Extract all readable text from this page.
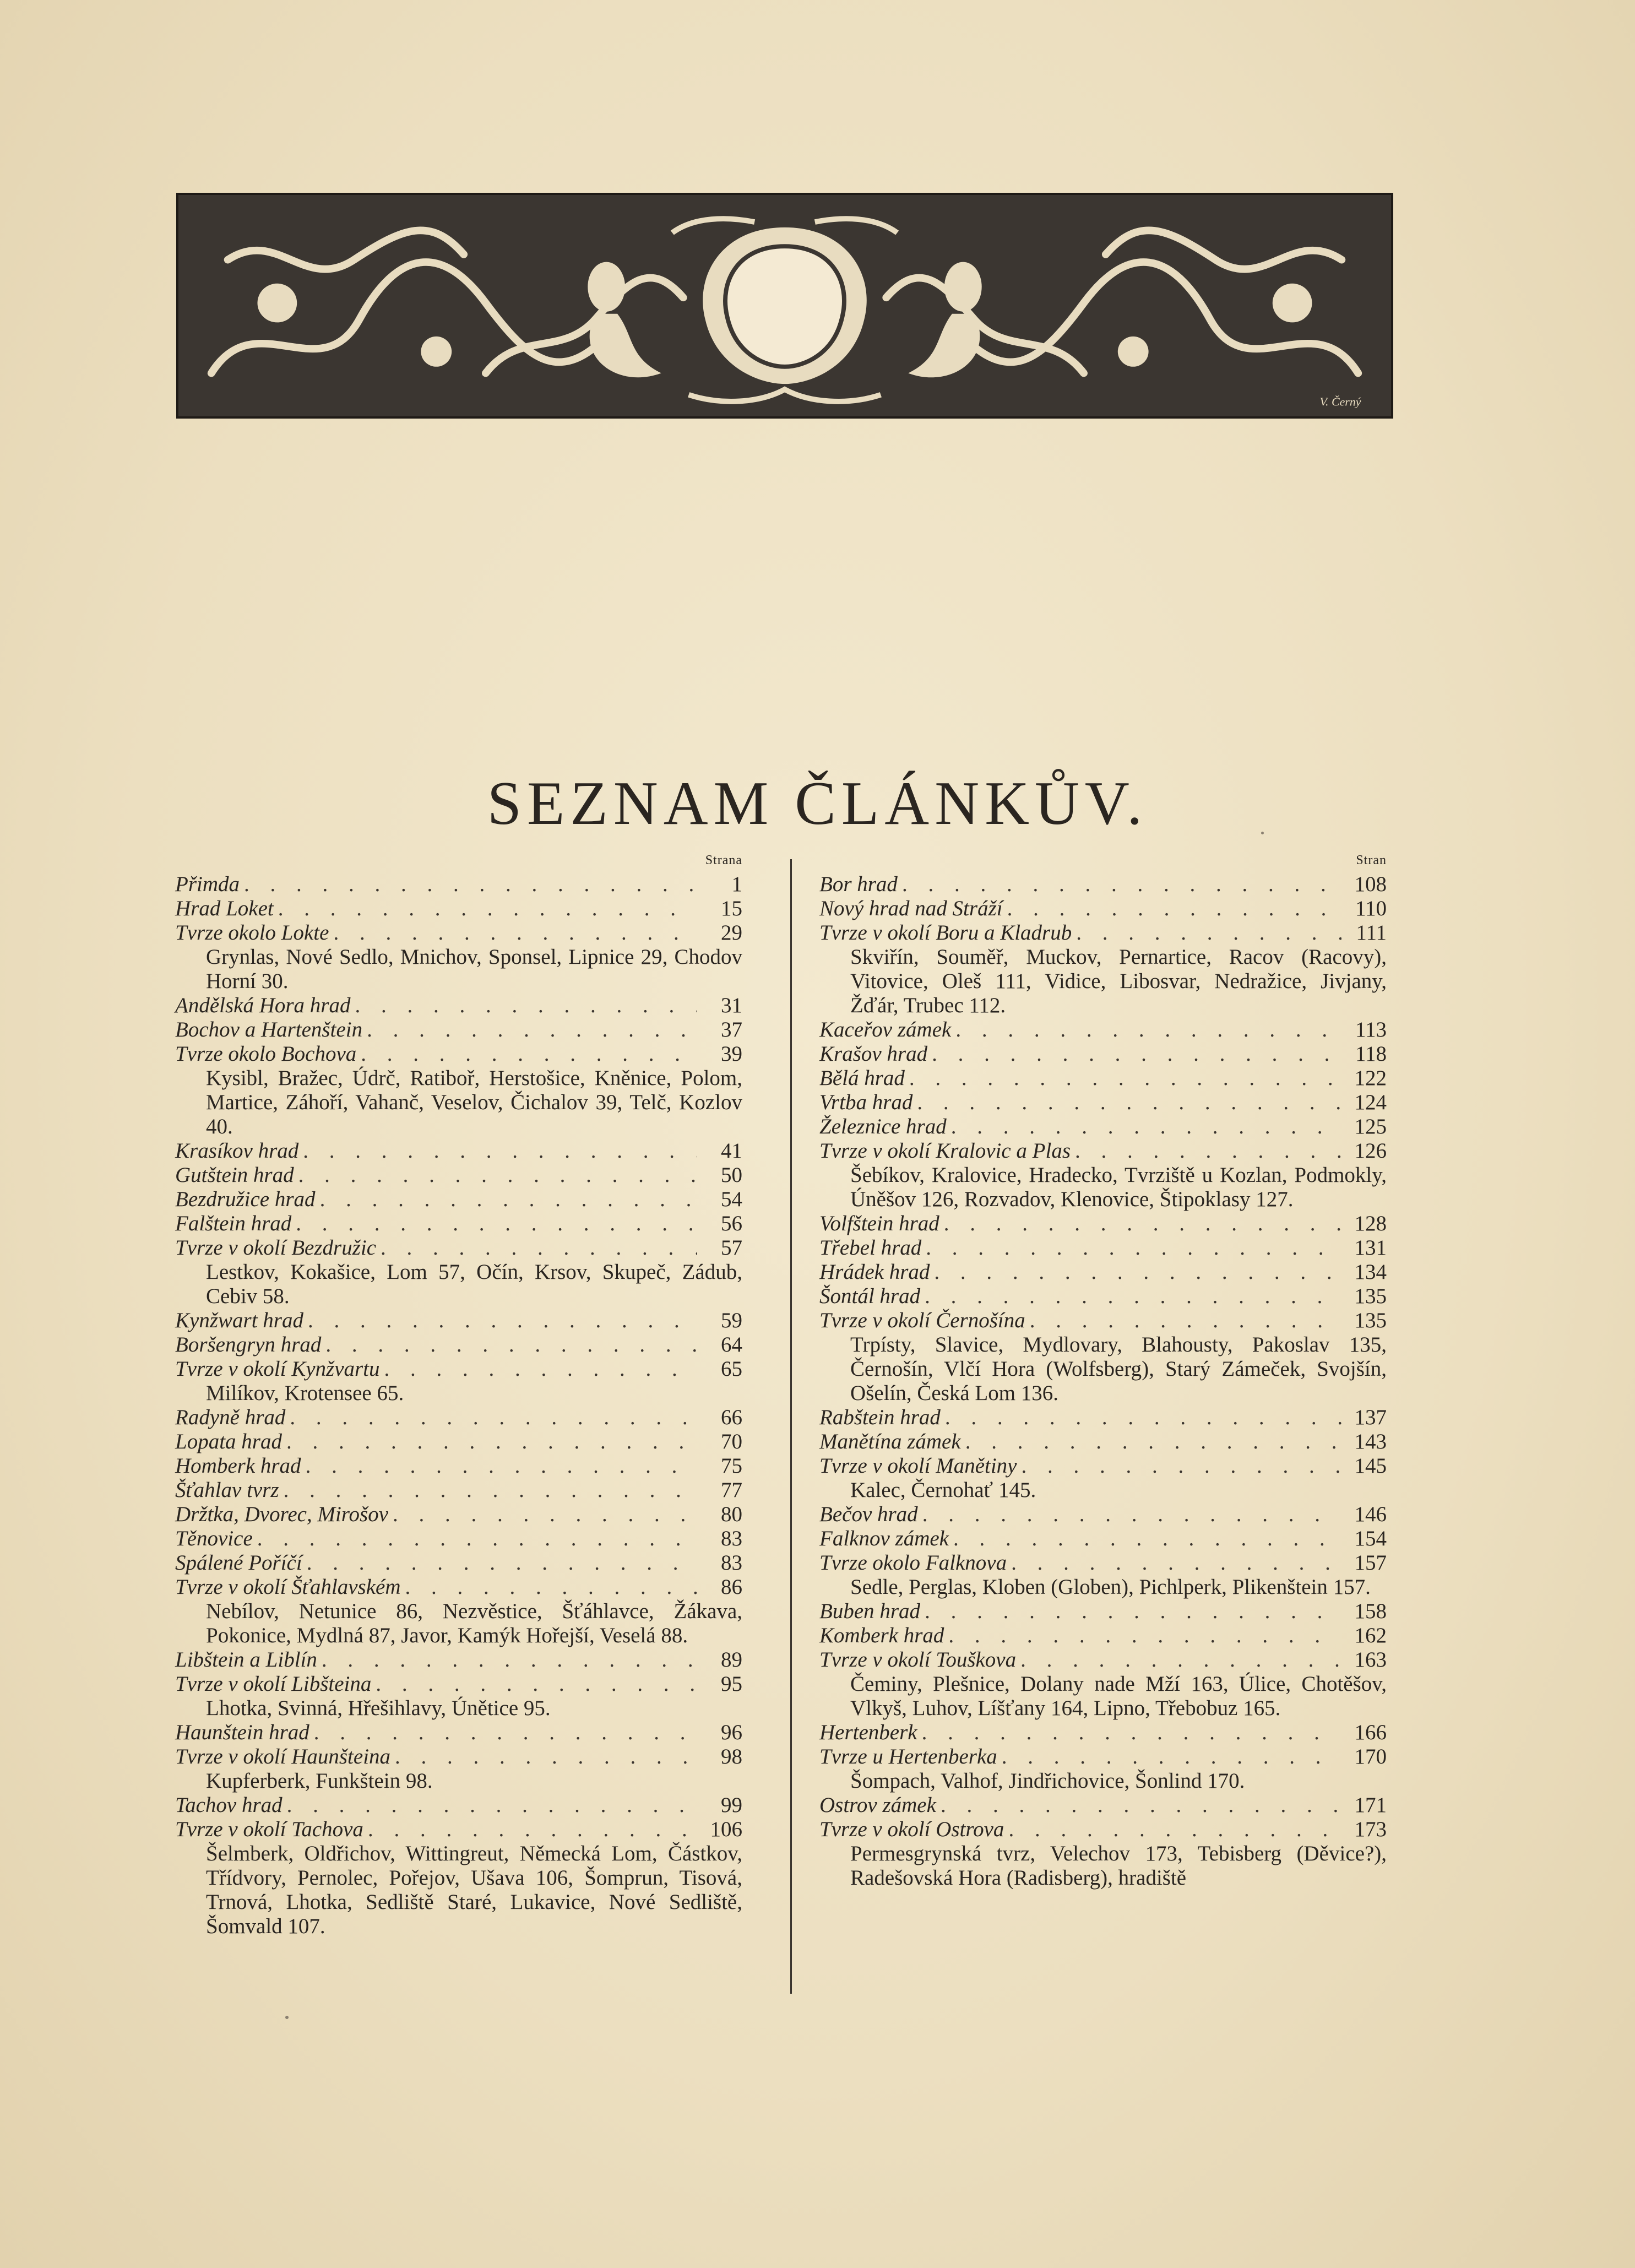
V. Černý
SEZNAM ČLÁNKŮV.
Strana
Přimda . . .	1
Hrad Loket . . .	15
Tvrze okolo Lokte . . .	29
Grynlas, Nové Sedlo, Mnichov, Sponsel, Lipnice 29, Chodov Horní 30.
Andělská Hora hrad . . .	31
Bochov a Hartenštein . . .	37
Tvrze okolo Bochova . . .	39
Kysibl, Bražec, Údrč, Ratiboř, Herstošice, Kněnice, Polom, Martice, Záhoří, Vahanč, Veselov, Čichalov 39, Telč, Kozlov 40.
Krasíkov hrad . . .	41
Gutštein hrad . . .	50
Bezdružice hrad . . .	54
Falštein hrad . . .	56
Tvrze v okolí Bezdružic . . .	57
Lestkov, Kokašice, Lom 57, Očín, Krsov, Skupeč, Zádub, Cebiv 58.
Kynžwart hrad . . .	59
Boršengryn hrad . . .	64
Tvrze v okolí Kynžvartu . . .	65
Milíkov, Krotensee 65.
Radyně hrad . . .	66
Lopata hrad . . .	70
Homberk hrad . . .	75
Šťahlav tvrz . . .	77
Držtka, Dvorec, Mirošov . . .	80
Těnovice . . .	83
Spálené Poříčí . . .	83
Tvrze v okolí Šťahlavském . . .	86
Nebílov, Netunice 86, Nezvěstice, Šťáhlavce, Žákava, Pokonice, Mydlná 87, Javor, Kamýk Hořejší, Veselá 88.
Libštein a Liblín . . .	89
Tvrze v okolí Libšteina . . .	95
Lhotka, Svinná, Hřešihlavy, Únětice 95.
Haunštein hrad . . .	96
Tvrze v okolí Haunšteina . . .	98
Kupferberk, Funkštein 98.
Tachov hrad . . .	99
Tvrze v okolí Tachova . . .	106
Šelmberk, Oldřichov, Wittingreut, Německá Lom, Částkov, Třídvory, Pernolec, Pořejov, Ušava 106, Šomprun, Tisová, Trnová, Lhotka, Sedliště Staré, Lukavice, Nové Sedliště, Šomvald 107.
Stran
Bor hrad . . .	108
Nový hrad nad Stráží . . .	110
Tvrze v okolí Boru a Kladrub . . .	111
Skviřín, Souměř, Muckov, Pernartice, Racov (Racovy), Vitovice, Oleš 111, Vidice, Libosvar, Nedražice, Jivjany, Žďár, Trubec 112.
Kaceřov zámek . . .	113
Krašov hrad . . .	118
Bělá hrad . . .	122
Vrtba hrad . . .	124
Železnice hrad . . .	125
Tvrze v okolí Kralovic a Plas . . .	126
Šebíkov, Kralovice, Hradecko, Tvrziště u Kozlan, Podmokly, Úněšov 126, Rozvadov, Klenovice, Štipoklasy 127.
Volfštein hrad . . .	128
Třebel hrad . . .	131
Hrádek hrad . . .	134
Šontál hrad . . .	135
Tvrze v okolí Černošína . . .	135
Trpísty, Slavice, Mydlovary, Blahousty, Pakoslav 135, Černošín, Vlčí Hora (Wolfsberg), Starý Zámeček, Svojšín, Ošelín, Česká Lom 136.
Rabštein hrad . . .	137
Manětína zámek . . .	143
Tvrze v okolí Manětiny . . .	145
Kalec, Černohať 145.
Bečov hrad . . .	146
Falknov zámek . . .	154
Tvrze okolo Falknova . . .	157
Sedle, Perglas, Kloben (Globen), Pichlperk, Plikenštein 157.
Buben hrad . . .	158
Komberk hrad . . .	162
Tvrze v okolí Touškova . . .	163
Čeminy, Plešnice, Dolany nade Mží 163, Úlice, Chotěšov, Vlkyš, Luhov, Líšťany 164, Lipno, Třebobuz 165.
Hertenberk . . .	166
Tvrze u Hertenberka . . .	170
Šompach, Valhof, Jindřichovice, Šonlind 170.
Ostrov zámek . . .	171
Tvrze v okolí Ostrova . . .	173
Permesgrynská tvrz, Velechov 173, Tebisberg (Děvice?), Radešovská Hora (Radisberg), hradiště
